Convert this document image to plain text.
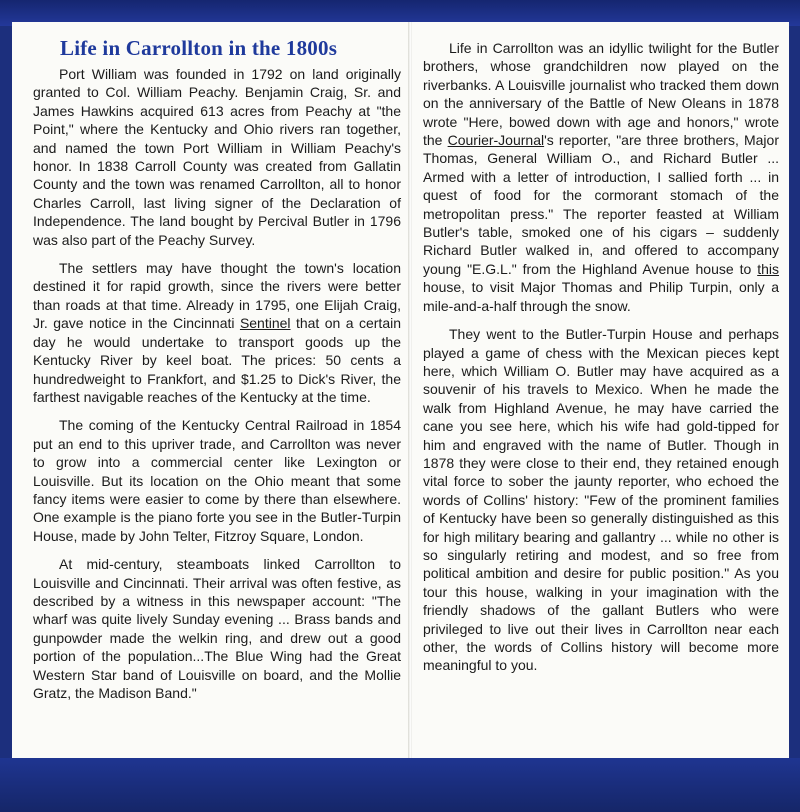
Life in Carrollton in the 1800s

Port William was founded in 1792 on land originally granted to Col. William Peachy. Benjamin Craig, Sr. and James Hawkins acquired 613 acres from Peachy at "the Point," where the Kentucky and Ohio rivers ran together, and named the town Port William in William Peachy's honor. In 1838 Carroll County was created from Gallatin County and the town was renamed Carrollton, all to honor Charles Carroll, last living signer of the Declaration of Independence. The land bought by Percival Butler in 1796 was also part of the Peachy Survey.

The settlers may have thought the town's location destined it for rapid growth, since the rivers were better than roads at that time. Already in 1795, one Elijah Craig, Jr. gave notice in the Cincinnati Sentinel that on a certain day he would undertake to transport goods up the Kentucky River by keel boat. The prices: 50 cents a hundredweight to Frankfort, and $1.25 to Dick's River, the farthest navigable reaches of the Kentucky at the time.

The coming of the Kentucky Central Railroad in 1854 put an end to this upriver trade, and Carrollton was never to grow into a commercial center like Lexington or Louisville. But its location on the Ohio meant that some fancy items were easier to come by there than elsewhere. One example is the piano forte you see in the Butler-Turpin House, made by John Telter, Fitzroy Square, London.

At mid-century, steamboats linked Carrollton to Louisville and Cincinnati. Their arrival was often festive, as described by a witness in this newspaper account: "The wharf was quite lively Sunday evening ... Brass bands and gunpowder made the welkin ring, and drew out a good portion of the population...The Blue Wing had the Great Western Star band of Louisville on board, and the Mollie Gratz, the Madison Band."

Life in Carrollton was an idyllic twilight for the Butler brothers, whose grandchildren now played on the riverbanks. A Louisville journalist who tracked them down on the anniversary of the Battle of New Oleans in 1878 wrote "Here, bowed down with age and honors," wrote the Courier-Journal's reporter, "are three brothers, Major Thomas, General William O., and Richard Butler ... Armed with a letter of introduction, I sallied forth ... in quest of food for the cormorant stomach of the metropolitan press." The reporter feasted at William Butler's table, smoked one of his cigars – suddenly Richard Butler walked in, and offered to accompany young "E.G.L." from the Highland Avenue house to this house, to visit Major Thomas and Philip Turpin, only a mile-and-a-half through the snow.

They went to the Butler-Turpin House and perhaps played a game of chess with the Mexican pieces kept here, which William O. Butler may have acquired as a souvenir of his travels to Mexico. When he made the walk from Highland Avenue, he may have carried the cane you see here, which his wife had gold-tipped for him and engraved with the name of Butler. Though in 1878 they were close to their end, they retained enough vital force to sober the jaunty reporter, who echoed the words of Collins' history: "Few of the prominent families of Kentucky have been so generally distinguished as this for high military bearing and gallantry ... while no other is so singularly retiring and modest, and so free from political ambition and desire for public position." As you tour this house, walking in your imagination with the friendly shadows of the gallant Butlers who were privileged to live out their lives in Carrollton near each other, the words of Collins history will become more meaningful to you.
